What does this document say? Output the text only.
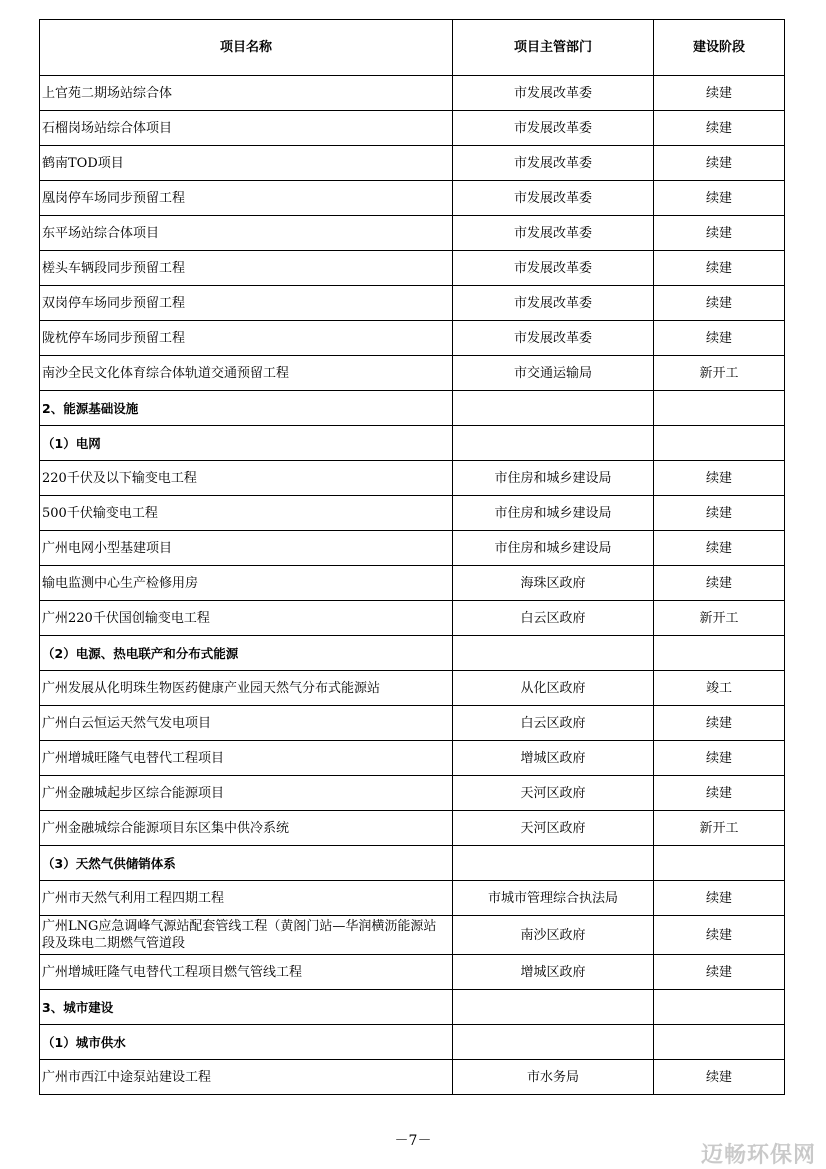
项目名称	项目主管部门	建设阶段
上官苑二期场站综合体	市发展改革委	续建
石榴岗场站综合体项目	市发展改革委	续建
鹤南TOD项目	市发展改革委	续建
凰岗停车场同步预留工程	市发展改革委	续建
东平场站综合体项目	市发展改革委	续建
槎头车辆段同步预留工程	市发展改革委	续建
双岗停车场同步预留工程	市发展改革委	续建
陇枕停车场同步预留工程	市发展改革委	续建
南沙全民文化体育综合体轨道交通预留工程	市交通运输局	新开工
2、能源基础设施		
（1）电网		
220千伏及以下输变电工程	市住房和城乡建设局	续建
500千伏输变电工程	市住房和城乡建设局	续建
广州电网小型基建项目	市住房和城乡建设局	续建
输电监测中心生产检修用房	海珠区政府	续建
广州220千伏国创输变电工程	白云区政府	新开工
（2）电源、热电联产和分布式能源		
广州发展从化明珠生物医药健康产业园天然气分布式能源站	从化区政府	竣工
广州白云恒运天然气发电项目	白云区政府	续建
广州增城旺隆气电替代工程项目	增城区政府	续建
广州金融城起步区综合能源项目	天河区政府	续建
广州金融城综合能源项目东区集中供冷系统	天河区政府	新开工
（3）天然气供储销体系		
广州市天然气利用工程四期工程	市城市管理综合执法局	续建
广州LNG应急调峰气源站配套管线工程（黄阁门站—华润横沥能源站段及珠电二期燃气管道段	南沙区政府	续建
广州增城旺隆气电替代工程项目燃气管线工程	增城区政府	续建
3、城市建设		
（1）城市供水		
广州市西江中途泵站建设工程	市水务局	续建
－7－
迈畅环保网
